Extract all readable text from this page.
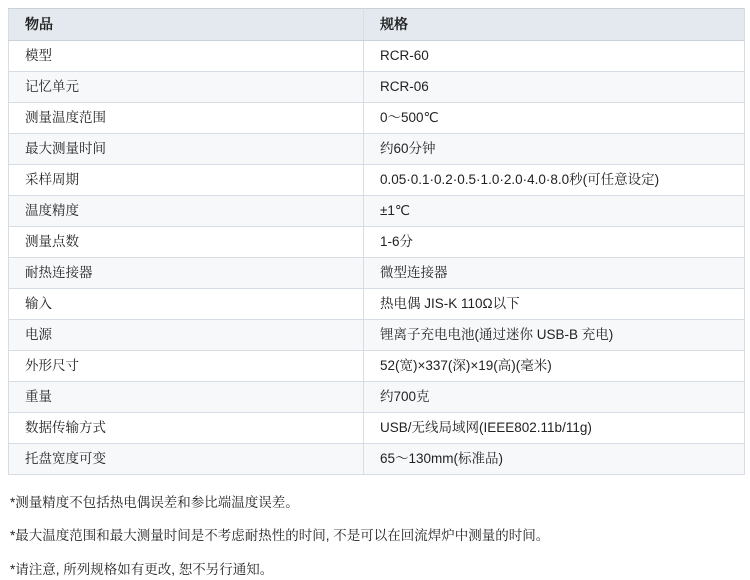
物品	规格
模型	RCR-60
记忆单元	RCR-06
测量温度范围	0〜500℃
最大测量时间	约60分钟
采样周期	0.05·0.1·0.2·0.5·1.0·2.0·4.0·8.0秒(可任意设定)
温度精度	±1℃
测量点数	1-6分
耐热连接器	微型连接器
输入	热电偶 JIS-K 110Ω以下
电源	锂离子充电电池(通过迷你 USB-B 充电)
外形尺寸	52(宽)×337(深)×19(高)(毫米)
重量	约700克
数据传输方式	USB/无线局域网(IEEE802.11b/11g)
托盘宽度可变	65〜130mm(标准品)

*测量精度不包括热电偶误差和参比端温度误差。

*最大温度范围和最大测量时间是不考虑耐热性的时间, 不是可以在回流焊炉中测量的时间。

*请注意, 所列规格如有更改, 恕不另行通知。
